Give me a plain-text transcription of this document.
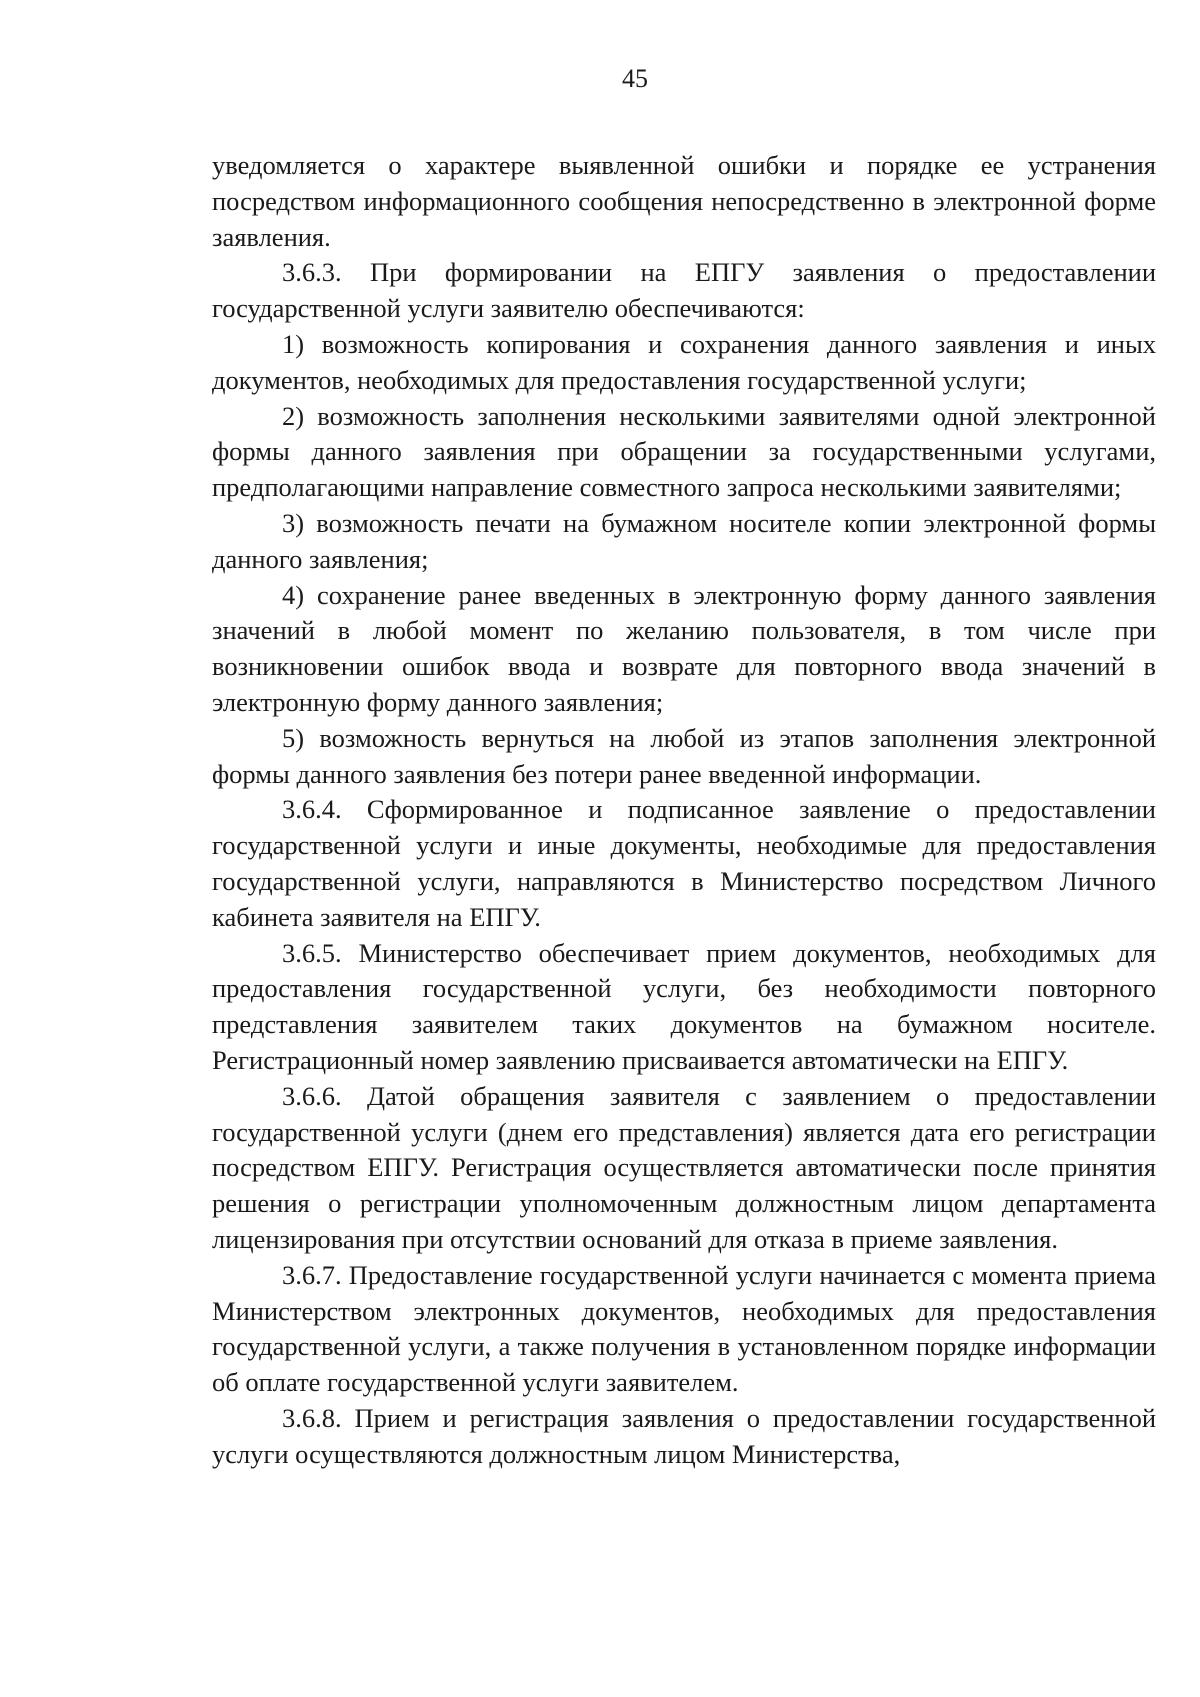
45

уведомляется о характере выявленной ошибки и порядке ее устранения посредством информационного сообщения непосредственно в электронной форме заявления.

3.6.3. При формировании на ЕПГУ заявления о предоставлении государственной услуги заявителю обеспечиваются:

1) возможность копирования и сохранения данного заявления и иных документов, необходимых для предоставления государственной услуги;

2) возможность заполнения несколькими заявителями одной электронной формы данного заявления при обращении за государственными услугами, предполагающими направление совместного запроса несколькими заявителями;

3) возможность печати на бумажном носителе копии электронной формы данного заявления;

4) сохранение ранее введенных в электронную форму данного заявления значений в любой момент по желанию пользователя, в том числе при возникновении ошибок ввода и возврате для повторного ввода значений в электронную форму данного заявления;

5) возможность вернуться на любой из этапов заполнения электронной формы данного заявления без потери ранее введенной информации.

3.6.4. Сформированное и подписанное заявление о предоставлении государственной услуги и иные документы, необходимые для предоставления государственной услуги, направляются в Министерство посредством Личного кабинета заявителя на ЕПГУ.

3.6.5. Министерство обеспечивает прием документов, необходимых для предоставления государственной услуги, без необходимости повторного представления заявителем таких документов на бумажном носителе. Регистрационный номер заявлению присваивается автоматически на ЕПГУ.

3.6.6. Датой обращения заявителя с заявлением о предоставлении государственной услуги (днем его представления) является дата его регистрации посредством ЕПГУ. Регистрация осуществляется автоматически после принятия решения о регистрации уполномоченным должностным лицом департамента лицензирования при отсутствии оснований для отказа в приеме заявления.

3.6.7. Предоставление государственной услуги начинается с момента приема Министерством электронных документов, необходимых для предоставления государственной услуги, а также получения в установленном порядке информации об оплате государственной услуги заявителем.

3.6.8. Прием и регистрация заявления о предоставлении государственной услуги осуществляются должностным лицом Министерства,
